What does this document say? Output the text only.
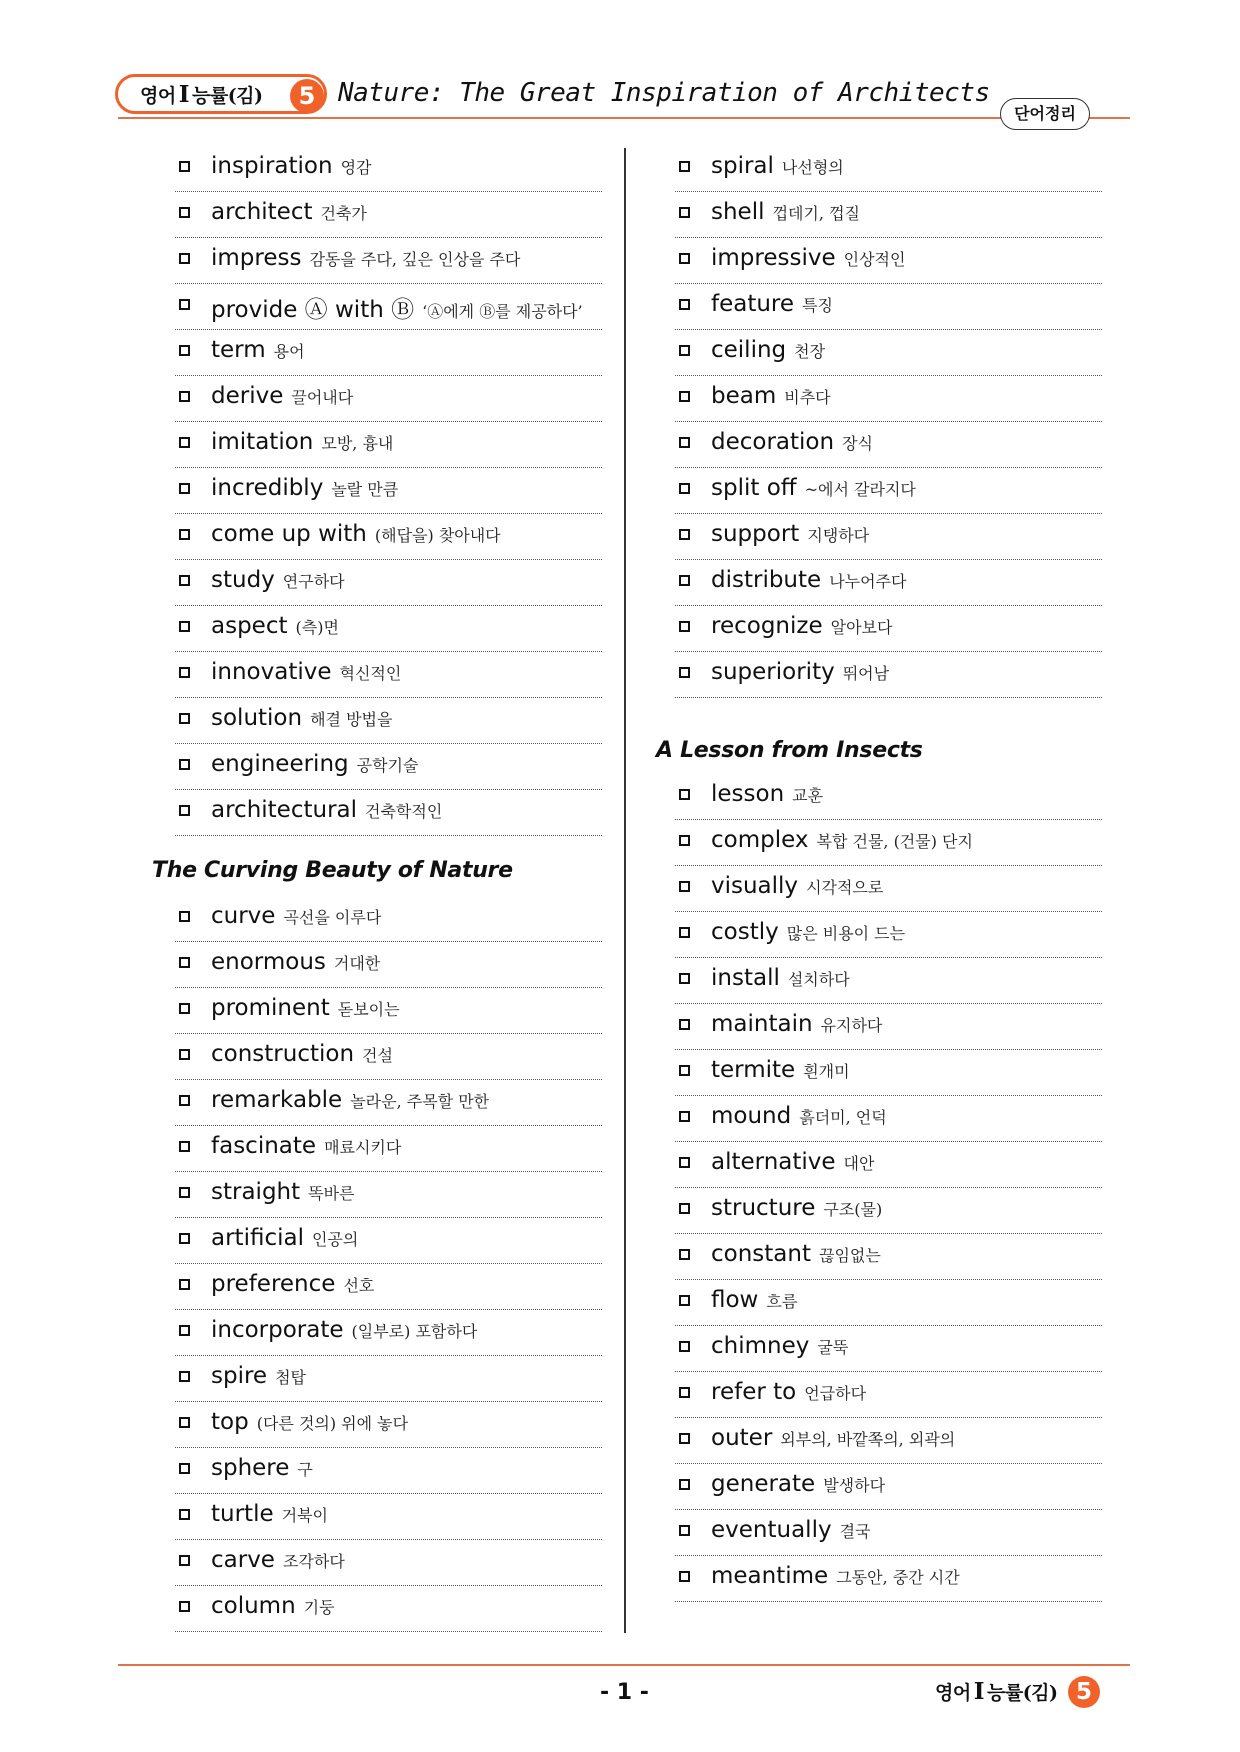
영어 I 능률(김)	5 Nature: The Great Inspiration of Architects
단어정리
inspiration 영감
architect 건축가
impress 감동을 주다, 깊은 인상을 주다
provide Ⓐ with Ⓑ ‘Ⓐ에게 Ⓑ를 제공하다’
term 용어
derive 끌어내다
imitation 모방, 흉내
incredibly 놀랄 만큼
come up with (해답을) 찾아내다
study 연구하다
aspect (측)면
innovative 혁신적인
solution 해결 방법을
engineering 공학기술
architectural 건축학적인
curve 곡선을 이루다
enormous 거대한
prominent 돋보이는
construction 건설
remarkable 놀라운, 주목할 만한
fascinate 매료시키다
straight 똑바른
artificial 인공의
preference 선호
incorporate (일부로) 포함하다
spire 첨탑
top (다른 것의) 위에 놓다
sphere 구
turtle 거북이
carve 조각하다
column 기둥
spiral 나선형의
shell 껍데기, 껍질
impressive 인상적인
feature 특징
ceiling 천장
beam 비추다
decoration 장식
split off ~에서 갈라지다
support 지탱하다
distribute 나누어주다
recognize 알아보다
superiority 뛰어남
lesson 교훈
complex 복합 건물, (건물) 단지
visually 시각적으로
costly 많은 비용이 드는
install 설치하다
maintain 유지하다
termite 흰개미
mound 흙더미, 언덕
alternative 대안
structure 구조(물)
constant 끊임없는
flow 흐름
chimney 굴뚝
refer to 언급하다
outer 외부의, 바깥쪽의, 외곽의
generate 발생하다
eventually 결국
meantime 그동안, 중간 시간
The Curving Beauty of Nature
A Lesson from Insects
- 1 -	영어 I 능률(김) 5
